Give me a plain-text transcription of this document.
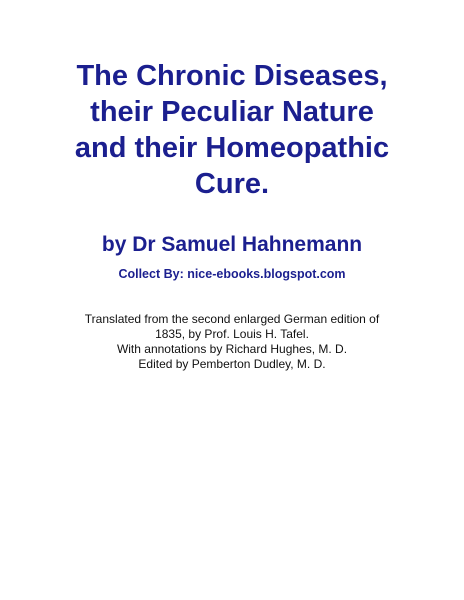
The Chronic Diseases,
their Peculiar Nature
and their Homeopathic
Cure.

by Dr Samuel Hahnemann

Collect By: nice-ebooks.blogspot.com

Translated from the second enlarged German edition of
1835, by Prof. Louis H. Tafel.
With annotations by Richard Hughes, M. D.
Edited by Pemberton Dudley, M. D.
